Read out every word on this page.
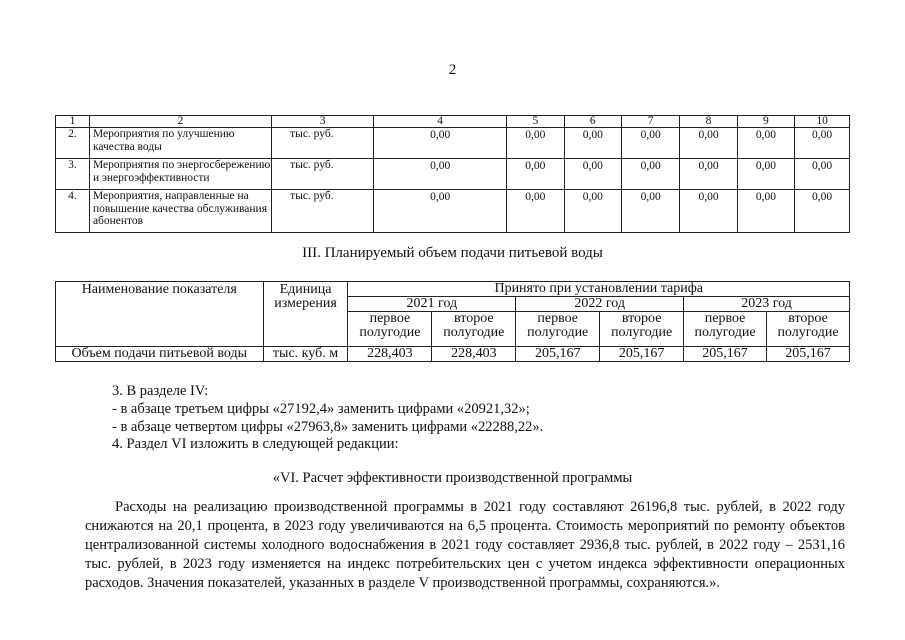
2
1	2	3	4	5	6	7	8	9	10
2.	Мероприятия по улучшению качества воды	тыс. руб.	0,00	0,00	0,00	0,00	0,00	0,00	0,00
3.	Мероприятия по энергосбережению и энергоэффективности	тыс. руб.	0,00	0,00	0,00	0,00	0,00	0,00	0,00
4.	Мероприятия, направленные на повышение качества обслуживания абонентов	тыс. руб.	0,00	0,00	0,00	0,00	0,00	0,00	0,00
III. Планируемый объем подачи питьевой воды
Наименование показателя	Единица измерения	Принято при установлении тарифа					
		2021 год		2022 год		2023 год	
		первое полугодие	второе полугодие	первое полугодие	второе полугодие	первое полугодие	второе полугодие
Объем подачи питьевой воды	тыс. куб. м	228,403	228,403	205,167	205,167	205,167	205,167
3. В разделе IV:
- в абзаце третьем цифры «27192,4» заменить цифрами «20921,32»;
- в абзаце четвертом цифры «27963,8» заменить цифрами «22288,22».
4. Раздел VI изложить в следующей редакции:
«VI. Расчет эффективности производственной программы
Расходы на реализацию производственной программы в 2021 году составляют 26196,8 тыс. рублей, в 2022 году снижаются на 20,1 процента, в 2023 году увеличиваются на 6,5 процента. Стоимость мероприятий по ремонту объектов централизованной системы холодного водоснабжения в 2021 году составляет 2936,8 тыс. рублей, в 2022 году – 2531,16 тыс. рублей, в 2023 году изменяется на индекс потребительских цен с учетом индекса эффективности операционных расходов. Значения показателей, указанных в разделе V производственной программы, сохраняются.».
